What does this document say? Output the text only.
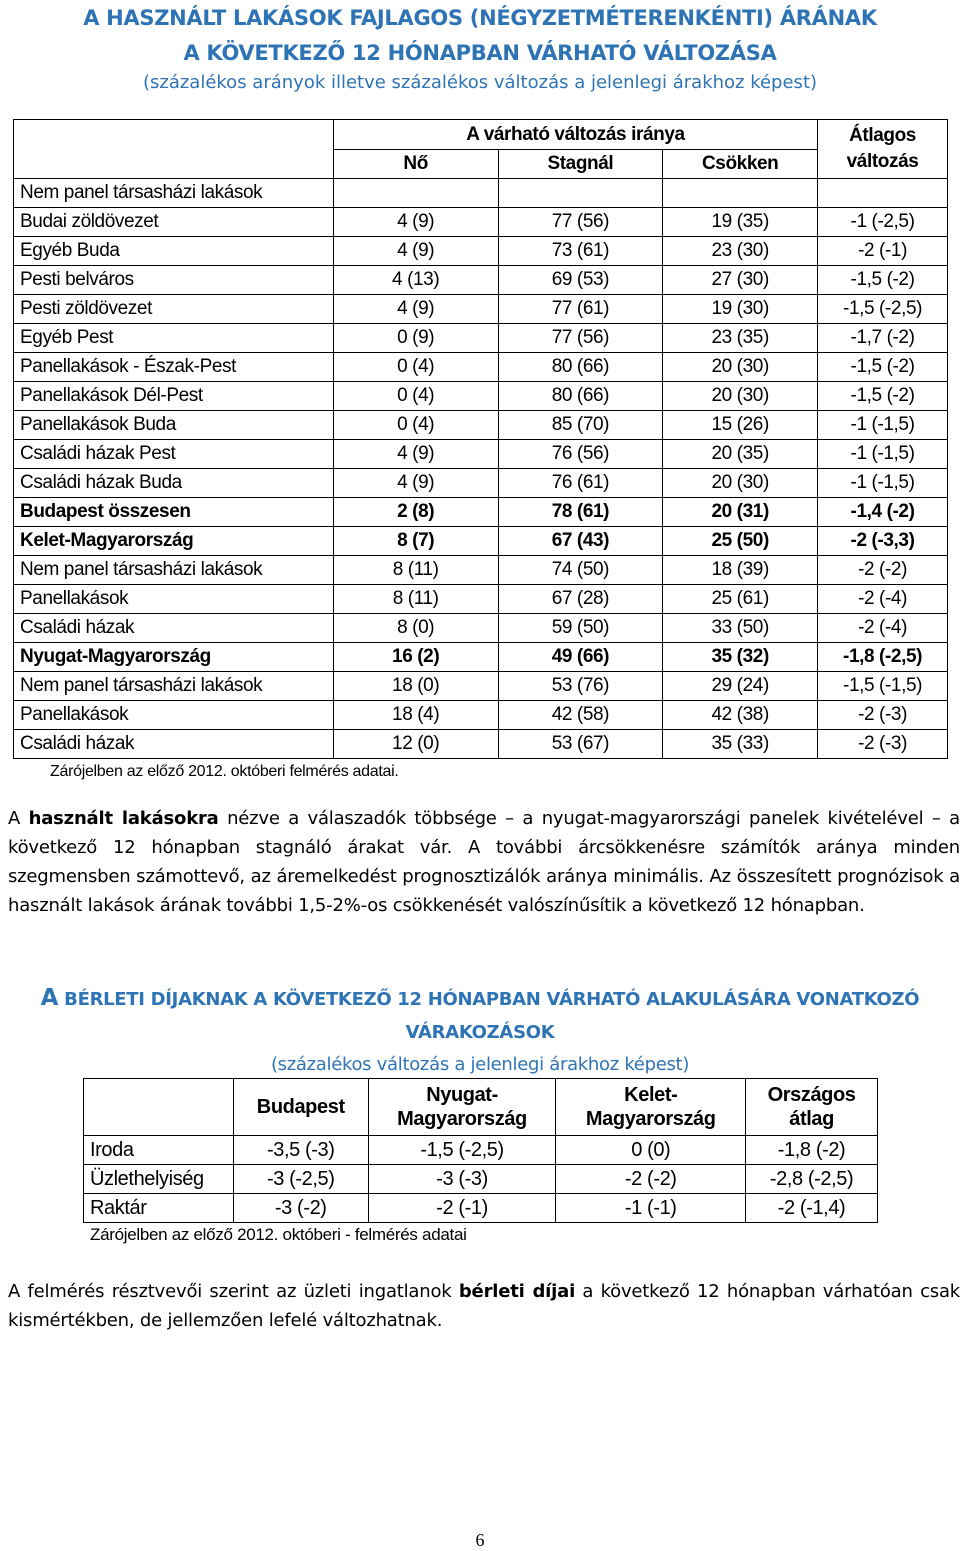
A HASZNÁLT LAKÁSOK FAJLAGOS (NÉGYZETMÉTERENKÉNTI) ÁRÁNAK
A KÖVETKEZŐ 12 HÓNAPBAN VÁRHATÓ VÁLTOZÁSA
(százalékos arányok illetve százalékos változás a jelenlegi árakhoz képest)
	A várható változás iránya			Átlagos változás
	Nő	Stagnál	Csökken	
Nem panel társasházi lakások				
Budai zöldövezet	4 (9)	77 (56)	19 (35)	-1 (-2,5)
Egyéb Buda	4 (9)	73 (61)	23 (30)	-2 (-1)
Pesti belváros	4 (13)	69 (53)	27 (30)	-1,5 (-2)
Pesti zöldövezet	4 (9)	77 (61)	19 (30)	-1,5 (-2,5)
Egyéb Pest	0 (9)	77 (56)	23 (35)	-1,7 (-2)
Panellakások - Észak-Pest	0 (4)	80 (66)	20 (30)	-1,5 (-2)
Panellakások Dél-Pest	0 (4)	80 (66)	20 (30)	-1,5 (-2)
Panellakások Buda	0 (4)	85 (70)	15 (26)	-1 (-1,5)
Családi házak Pest	4 (9)	76 (56)	20 (35)	-1 (-1,5)
Családi házak Buda	4 (9)	76 (61)	20 (30)	-1 (-1,5)
Budapest összesen	2 (8)	78 (61)	20 (31)	-1,4 (-2)
Kelet-Magyarország	8 (7)	67 (43)	25 (50)	-2 (-3,3)
Nem panel társasházi lakások	8 (11)	74 (50)	18 (39)	-2 (-2)
Panellakások	8 (11)	67 (28)	25 (61)	-2 (-4)
Családi házak	8 (0)	59 (50)	33 (50)	-2 (-4)
Nyugat-Magyarország	16 (2)	49 (66)	35 (32)	-1,8 (-2,5)
Nem panel társasházi lakások	18 (0)	53 (76)	29 (24)	-1,5 (-1,5)
Panellakások	18 (4)	42 (58)	42 (38)	-2 (-3)
Családi házak	12 (0)	53 (67)	35 (33)	-2 (-3)
Zárójelben az előző 2012. októberi felmérés adatai.
A használt lakásokra nézve a válaszadók többsége – a nyugat-magyarországi panelek kivételével – a következő 12 hónapban stagnáló árakat vár. A további árcsökkenésre számítók aránya minden szegmensben számottevő, az áremelkedést prognosztizálók aránya minimális. Az összesített prognózisok a használt lakások árának további 1,5-2%-os csökkenését valószínűsítik a következő 12 hónapban.
A BÉRLETI DÍJAKNAK A KÖVETKEZŐ 12 HÓNAPBAN VÁRHATÓ ALAKULÁSÁRA VONATKOZÓ
VÁRAKOZÁSOK
(százalékos változás a jelenlegi árakhoz képest)
	Budapest	Nyugat-Magyarország	Kelet-Magyarország	Országos átlag
Iroda	-3,5 (-3)	-1,5 (-2,5)	0 (0)	-1,8 (-2)
Üzlethelyiség	-3 (-2,5)	-3 (-3)	-2 (-2)	-2,8 (-2,5)
Raktár	-3 (-2)	-2 (-1)	-1 (-1)	-2 (-1,4)
Zárójelben az előző 2012. októberi - felmérés adatai
A felmérés résztvevői szerint az üzleti ingatlanok bérleti díjai a következő 12 hónapban várhatóan csak kismértékben, de jellemzően lefelé változhatnak.
6
